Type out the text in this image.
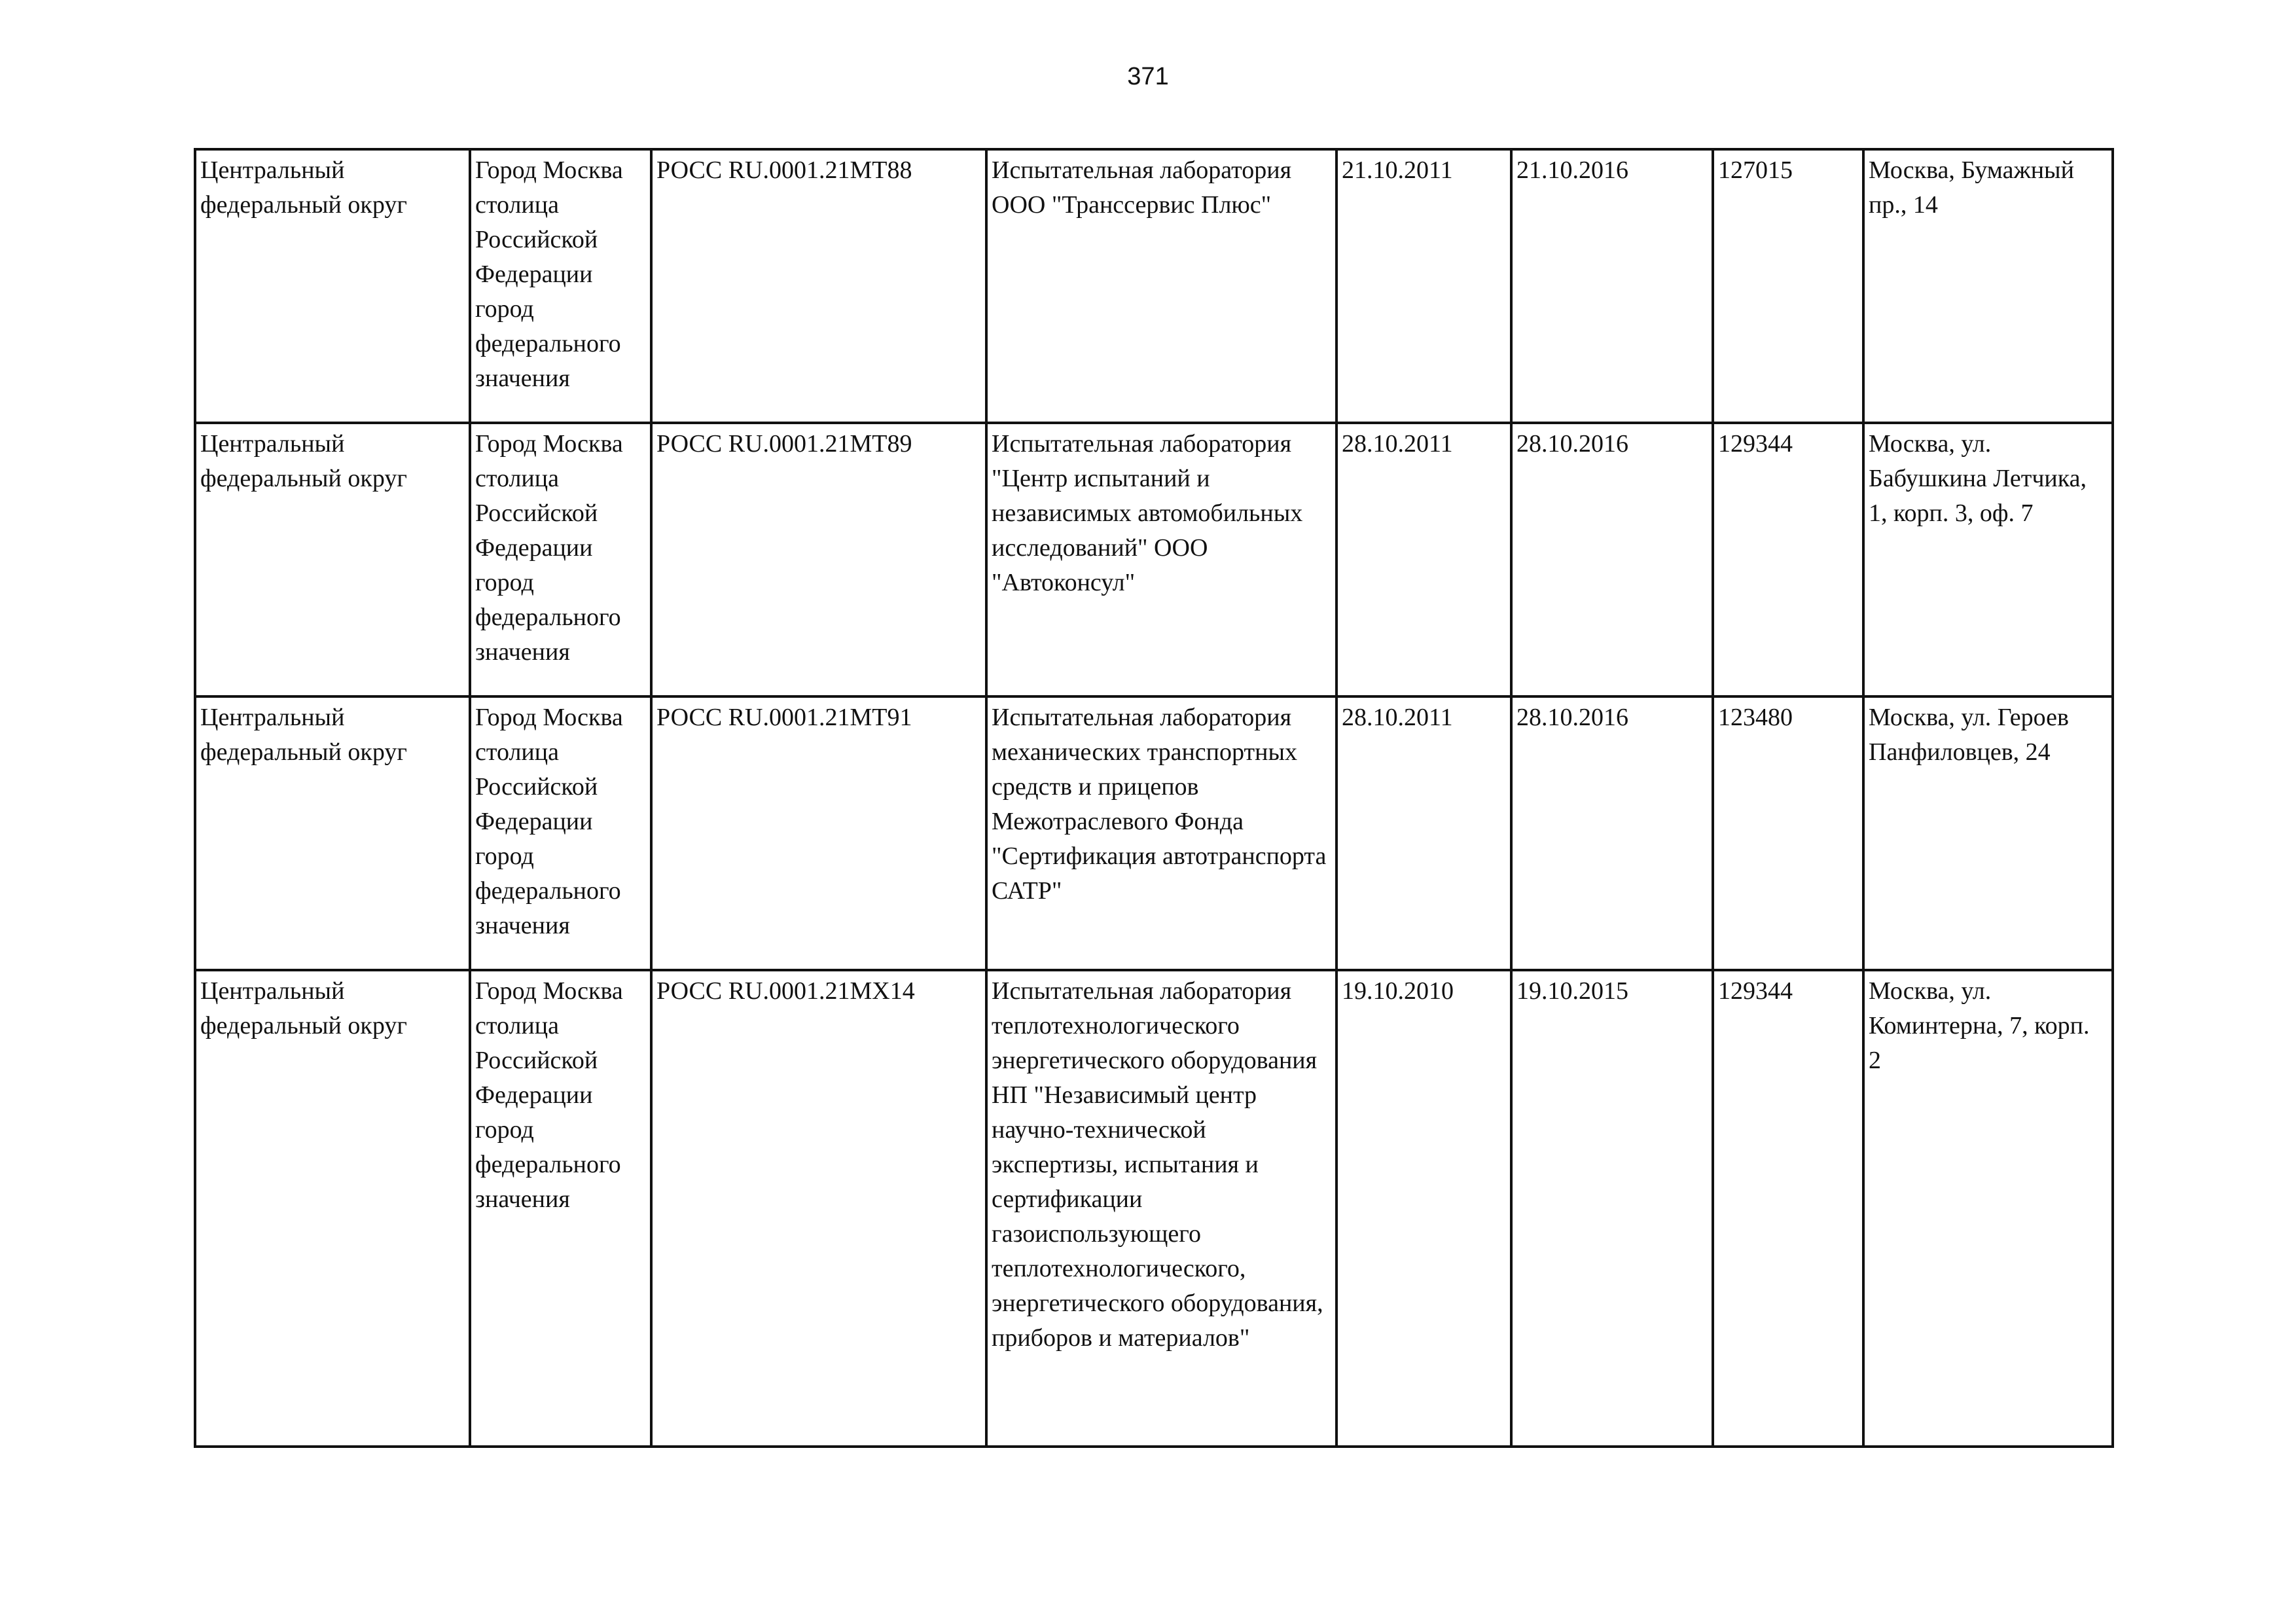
371
Центральный федеральный округ	Город Москва столица Российской Федерации город федерального значения	РОСС RU.0001.21МТ88	Испытательная лаборатория ООО "Транссервис Плюс"	21.10.2011	21.10.2016	127015	Москва, Бумажный пр., 14

Центральный федеральный округ	Город Москва столица Российской Федерации город федерального значения	РОСС RU.0001.21МТ89	Испытательная лаборатория "Центр испытаний и независимых автомобильных исследований" ООО "Автоконсул"	28.10.2011	28.10.2016	129344	Москва, ул. Бабушкина Летчика, 1, корп. 3, оф. 7

Центральный федеральный округ	Город Москва столица Российской Федерации город федерального значения	РОСС RU.0001.21МТ91	Испытательная лаборатория механических транспортных средств и прицепов Межотраслевого Фонда "Сертификация автотранспорта САТР"	28.10.2011	28.10.2016	123480	Москва, ул. Героев Панфиловцев, 24

Центральный федеральный округ	Город Москва столица Российской Федерации город федерального значения	РОСС RU.0001.21МХ14	Испытательная лаборатория теплотехнологического энергетического оборудования НП "Независимый центр научно-технической экспертизы, испытания и сертификации газоиспользующего теплотехнологического, энергетического оборудования, приборов и материалов"	19.10.2010	19.10.2015	129344	Москва, ул. Коминтерна, 7, корп. 2
